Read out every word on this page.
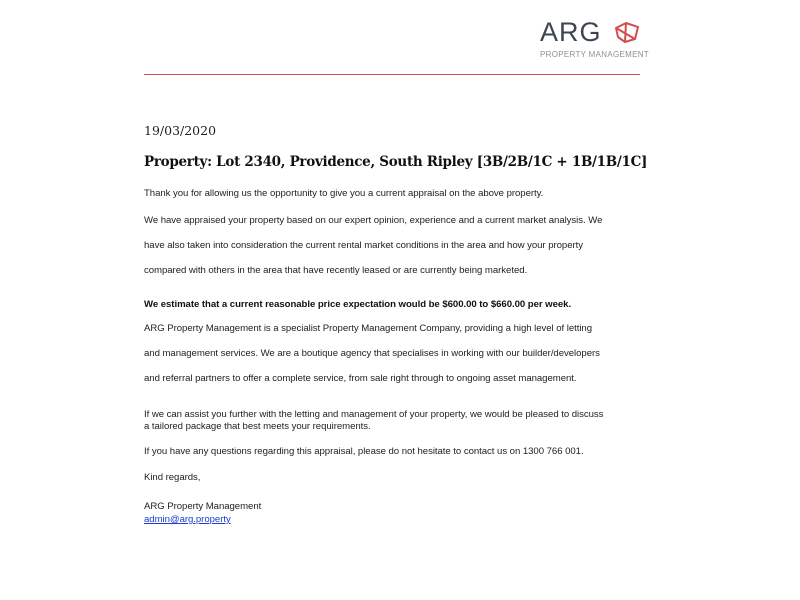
ARG
PROPERTY MANAGEMENT
19/03/2020
Property: Lot 2340, Providence, South Ripley [3B/2B/1C + 1B/1B/1C]
Thank you for allowing us the opportunity to give you a current appraisal on the above property.
We have appraised your property based on our expert opinion, experience and a current market analysis. We
have also taken into consideration the current rental market conditions in the area and how your property
compared with others in the area that have recently leased or are currently being marketed.
We estimate that a current reasonable price expectation would be $600.00 to $660.00 per week.
ARG Property Management is a specialist Property Management Company, providing a high level of letting
and management services. We are a boutique agency that specialises in working with our builder/developers
and referral partners to offer a complete service, from sale right through to ongoing asset management.
If we can assist you further with the letting and management of your property, we would be pleased to discuss
a tailored package that best meets your requirements.
If you have any questions regarding this appraisal, please do not hesitate to contact us on 1300 766 001.
Kind regards,
ARG Property Management
admin@arg.property
